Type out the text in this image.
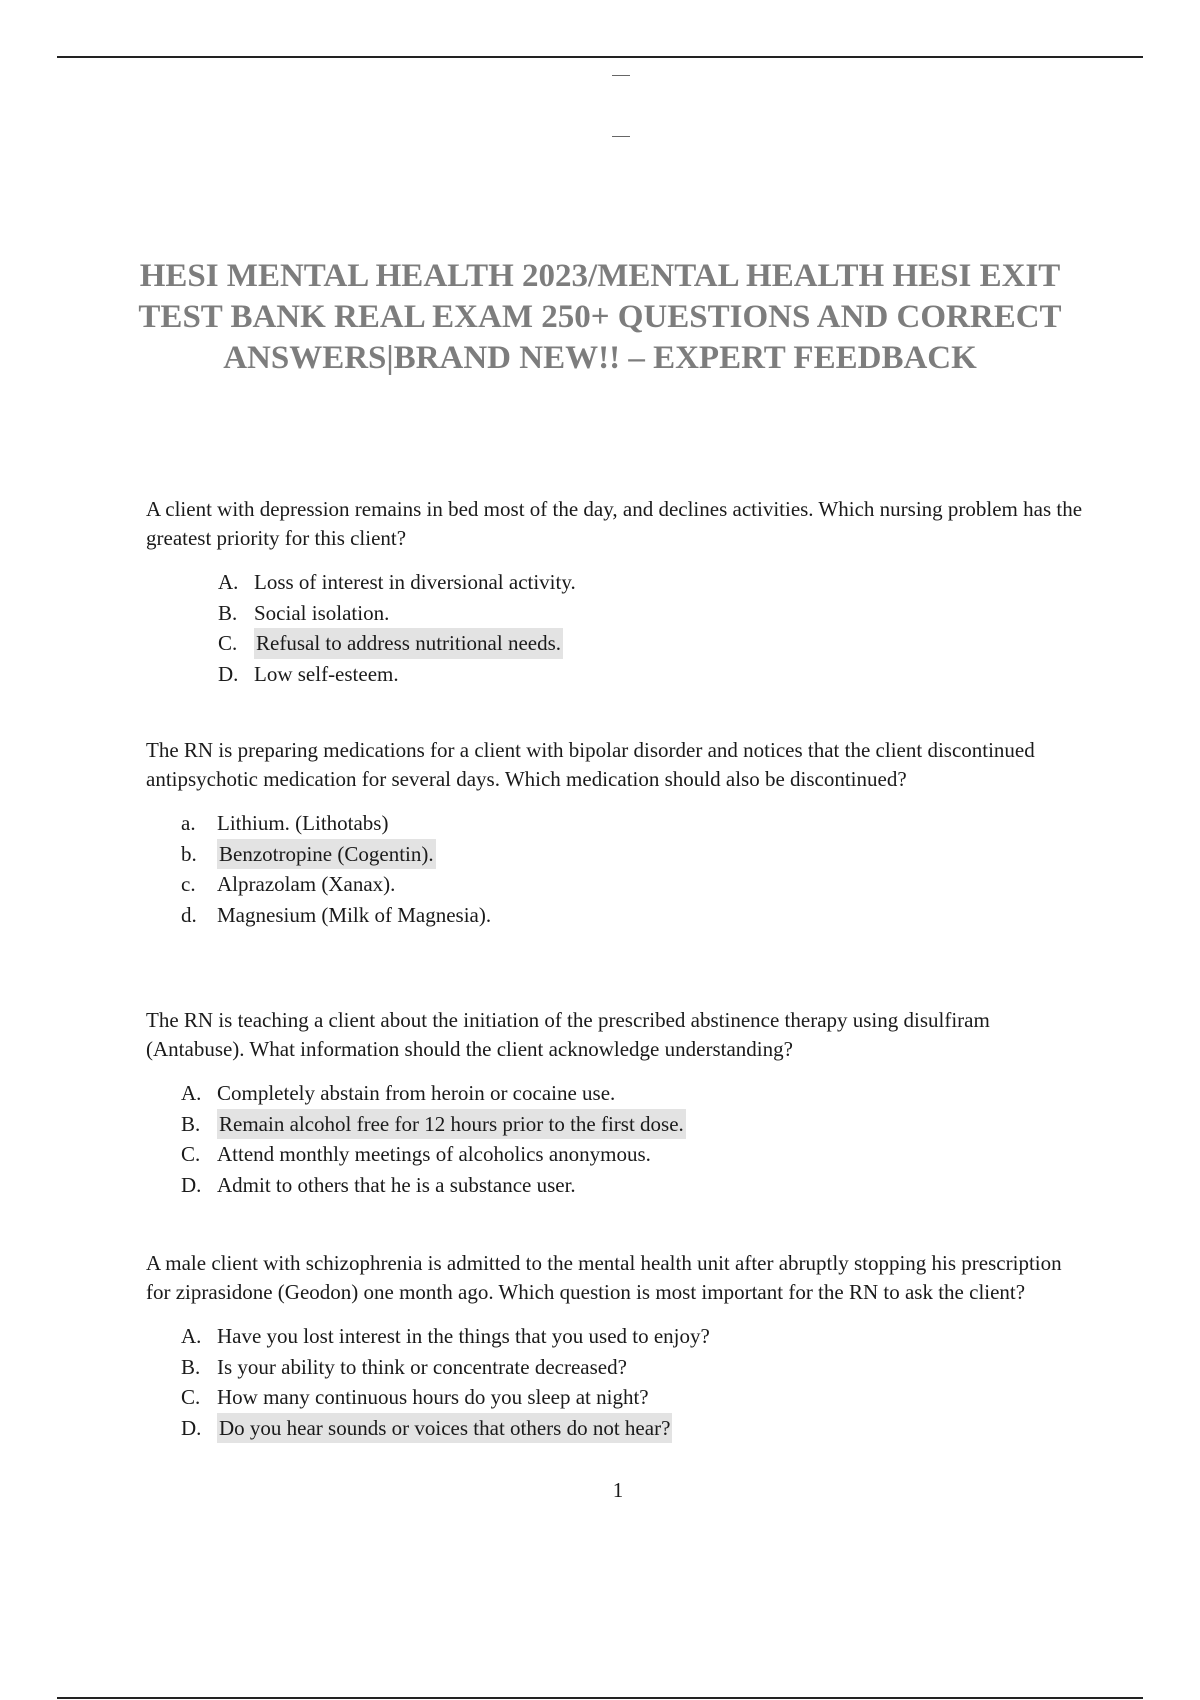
HESI MENTAL HEALTH 2023/MENTAL HEALTH HESI EXIT TEST BANK REAL EXAM 250+ QUESTIONS AND CORRECT ANSWERS|BRAND NEW!! – EXPERT FEEDBACK

A client with depression remains in bed most of the day, and declines activities. Which nursing problem has the greatest priority for this client?

A. Loss of interest in diversional activity.
B. Social isolation.
C. Refusal to address nutritional needs.
D. Low self-esteem.

The RN is preparing medications for a client with bipolar disorder and notices that the client discontinued antipsychotic medication for several days. Which medication should also be discontinued?

a.	Lithium. (Lithotabs)
b.	Benzotropine (Cogentin).
c.	Alprazolam (Xanax).
d. Magnesium (Milk of Magnesia).

The RN is teaching a client about the initiation of the prescribed abstinence therapy using disulfiram (Antabuse). What information should the client acknowledge understanding?

A. Completely abstain from heroin or cocaine use.
B. Remain alcohol free for 12 hours prior to the first dose.
C. Attend monthly meetings of alcoholics anonymous.
D. Admit to others that he is a substance user.

A male client with schizophrenia is admitted to the mental health unit after abruptly stopping his prescription for ziprasidone (Geodon) one month ago. Which question is most important for the RN to ask the client?

A. Have you lost interest in the things that you used to enjoy?
B. Is your ability to think or concentrate decreased?
C. How many continuous hours do you sleep at night?
D. Do you hear sounds or voices that others do not hear?
1
